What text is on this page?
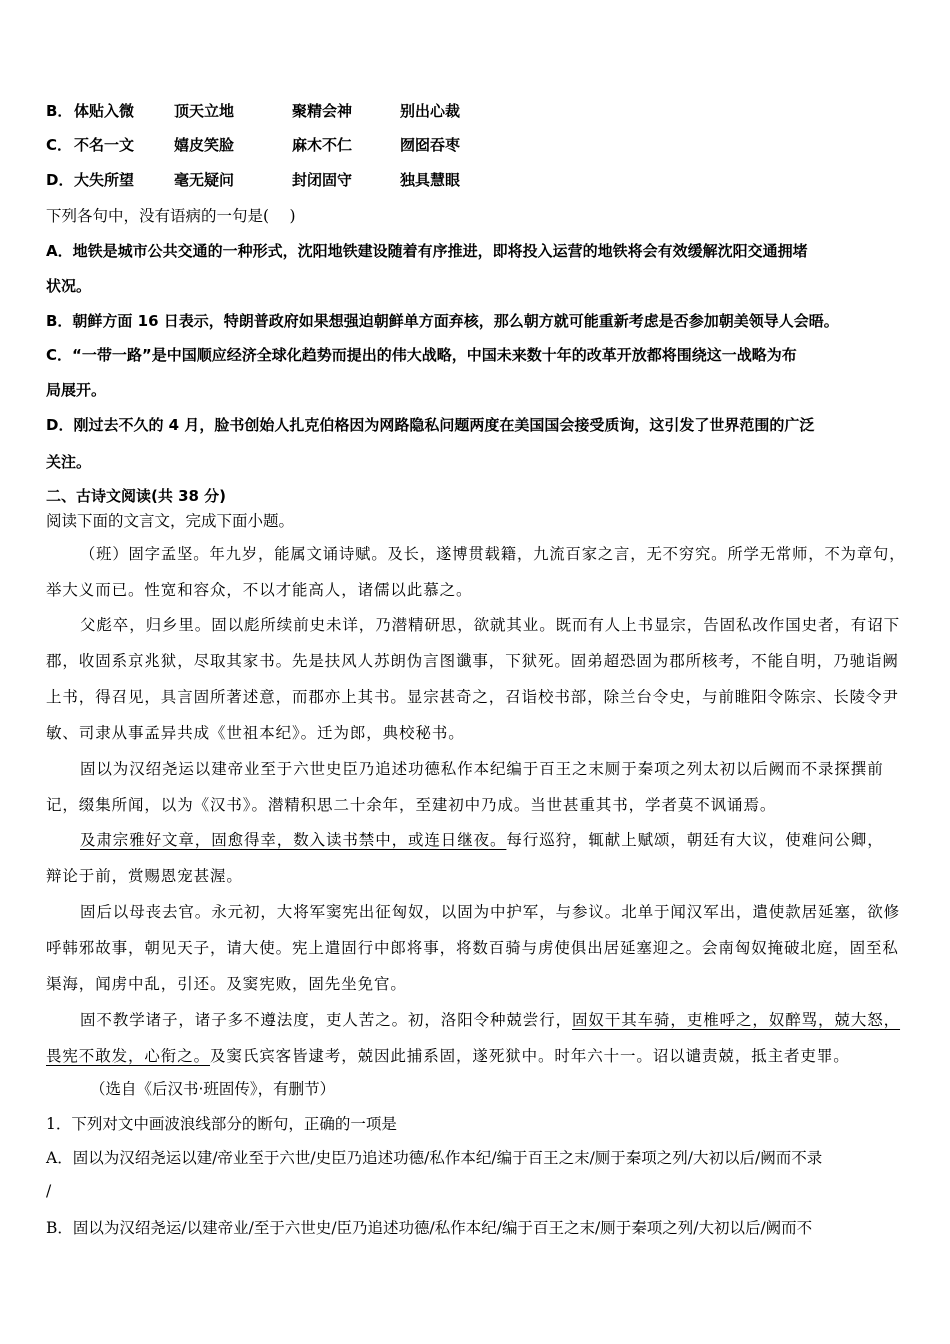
B． 体贴入微	顶天立地	聚精会神	别出心裁
C． 不名一文	嬉皮笑脸	麻木不仁	囫囵吞枣
D．大失所望	毫无疑问	封闭固守	独具慧眼
下列各句中，没有语病的一句是(　 )
A．地铁是城市公共交通的一种形式，沈阳地铁建设随着有序推进，即将投入运营的地铁将会有效缓解沈阳交通拥堵
状况。
B．朝鲜方面 16 日表示，特朗普政府如果想强迫朝鲜单方面弃核，那么朝方就可能重新考虑是否参加朝美领导人会晤。
C．“一带一路”是中国顺应经济全球化趋势而提出的伟大战略，中国未来数十年的改革开放都将围绕这一战略为布
局展开。
D．刚过去不久的 4 月，脸书创始人扎克伯格因为网路隐私问题两度在美国国会接受质询，这引发了世界范围的广泛
关注。
二、古诗文阅读(共 38 分)
阅读下面的文言文，完成下面小题。
（班）固字孟坚。年九岁，能属文诵诗赋。及长，遂博贯载籍，九流百家之言，无不穷究。所学无常师，不为章句，
举大义而已。性宽和容众，不以才能高人，诸儒以此慕之。
父彪卒，归乡里。固以彪所续前史未详，乃潜精研思，欲就其业。既而有人上书显宗，告固私改作国史者，有诏下
郡，收固系京兆狱，尽取其家书。先是扶风人苏朗伪言图谶事，下狱死。固弟超恐固为郡所核考，不能自明，乃驰诣阙
上书，得召见，具言固所著述意，而郡亦上其书。显宗甚奇之，召诣校书部，除兰台令史，与前睢阳令陈宗、长陵令尹
敏、司隶从事孟异共成《世祖本纪》。迁为郎，典校秘书。
固以为汉绍尧运以建帝业至于六世史臣乃追述功德私作本纪编于百王之末厕于秦项之列太初以后阙而不录探撰前
记，缀集所闻，以为《汉书》。潜精积思二十余年，至建初中乃成。当世甚重其书，学者莫不讽诵焉。
及肃宗雅好文章，固愈得幸，数入读书禁中，或连日继夜。每行巡狩，辄献上赋颂，朝廷有大议，使难问公卿，
辩论于前，赏赐恩宠甚渥。
固后以母丧去官。永元初，大将军窦宪出征匈奴，以固为中护军，与参议。北单于闻汉军出，遣使款居延塞，欲修
呼韩邪故事，朝见天子，请大使。宪上遣固行中郎将事，将数百骑与虏使俱出居延塞迎之。会南匈奴掩破北庭，固至私
渠海，闻虏中乱，引还。及窦宪败，固先坐免官。
固不教学诸子，诸子多不遵法度，吏人苦之。初，洛阳令种兢尝行，固奴干其车骑，吏椎呼之，奴醉骂，兢大怒，
畏宪不敢发，心衔之。及窦氏宾客皆逮考，兢因此捕系固，遂死狱中。时年六十一。诏以谴责兢，抵主者吏罪。
（选自《后汉书·班固传》，有删节）
1．下列对文中画波浪线部分的断句，正确的一项是
A．固以为汉绍尧运以建/帝业至于六世/史臣乃追述功德/私作本纪/编于百王之末/厕于秦项之列/大初以后/阙而不录
/
B．固以为汉绍尧运/以建帝业/至于六世史/臣乃追述功德/私作本纪/编于百王之末/厕于秦项之列/大初以后/阙而不
